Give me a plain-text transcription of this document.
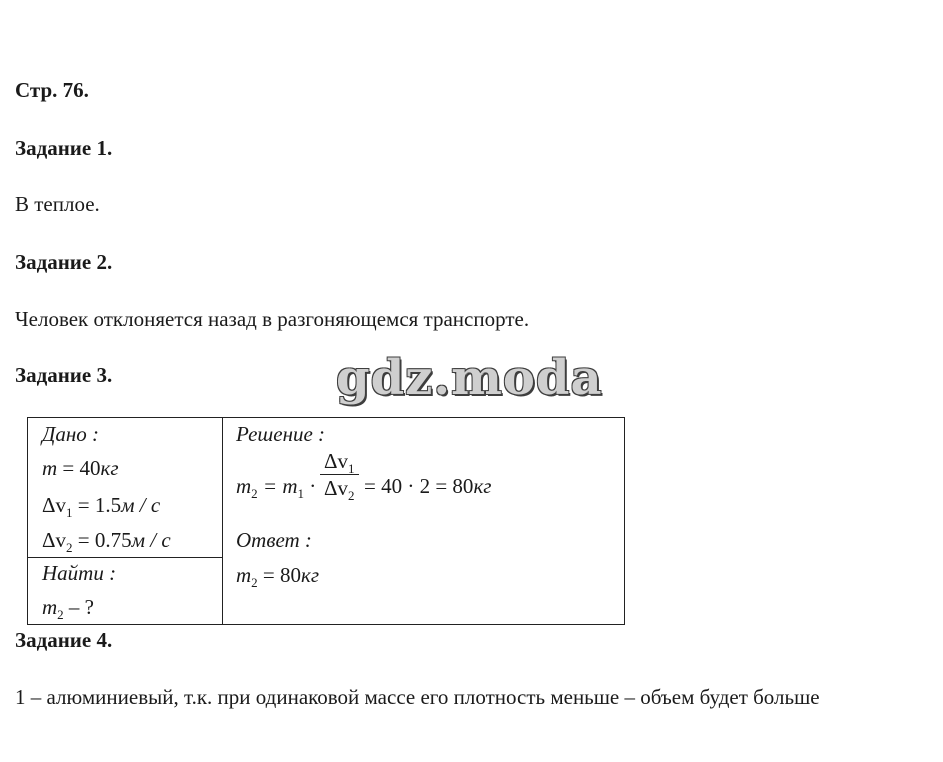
Стр. 76.
Задание 1.
В теплое.
Задание 2.
Человек отклоняется назад в разгоняющемся транспорте.
Задание 3.	gdz.moda
Дано :
m = 40кг
$\Delta v_1 = 1.5м / с$
$\Delta v_2 = 0.75м / с$
Найти :
$m_2$ – ?
Решение :
$m_2 = m_1 \cdot \frac{\Delta v_1}{\Delta v_2} = 40 \cdot 2 = 80кг$
Ответ :
$m_2 = 80кг$
Задание 4.
1 – алюминиевый, т.к. при одинаковой массе его плотность меньше – объем будет больше
